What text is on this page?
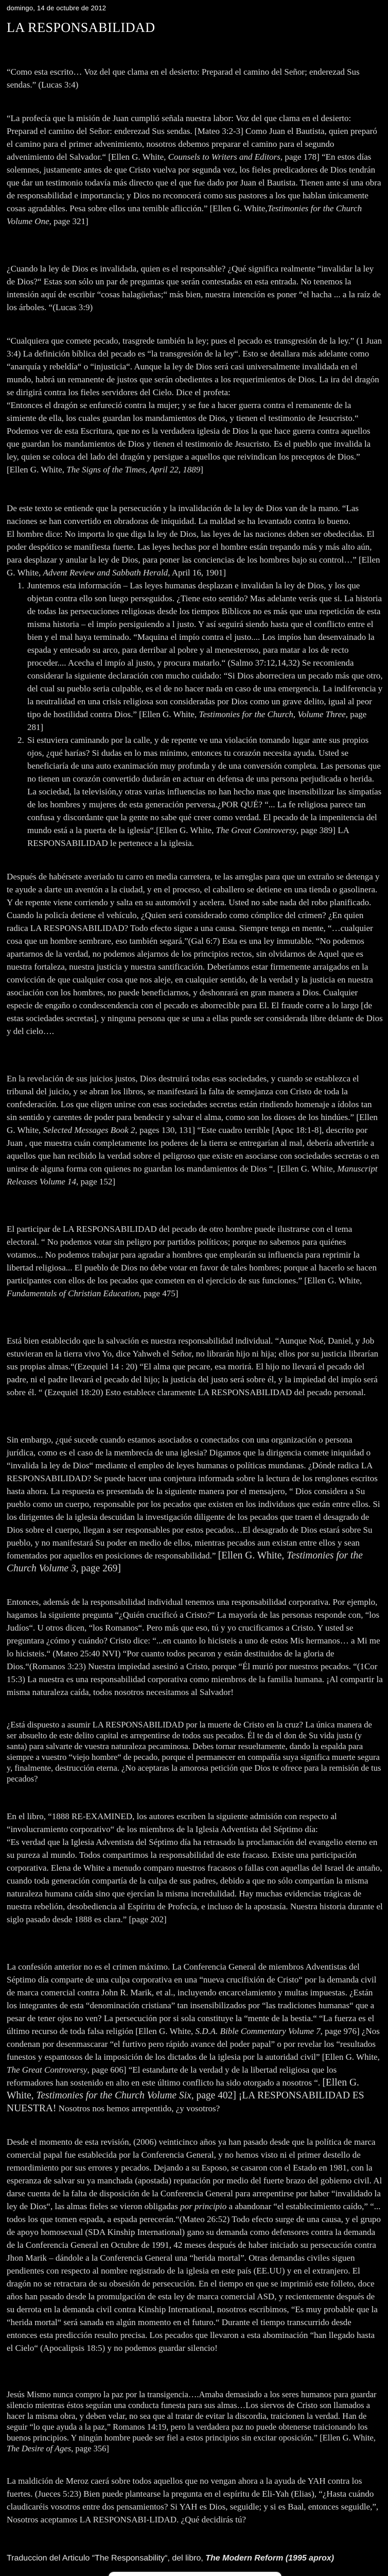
domingo, 14 de octubre de 2012

LA RESPONSABILIDAD

“Como esta escrito… Voz del que clama en el desierto: Preparad el camino del Señor; enderezad Sus sendas.” (Lucas 3:4)

“La profecía que la misión de Juan cumplió señala nuestra labor: Voz del que clama en el desierto: Preparad el camino del Señor: enderezad Sus sendas. [Mateo 3:2-3] Como Juan el Bautista, quien preparó el camino para el primer advenimiento, nosotros debemos preparar el camino para el segundo advenimiento del Salvador.“ [Ellen G. White, Counsels to Writers and Editors, page 178] “En estos días solemnes, justamente antes de que Cristo vuelva por segunda vez, los fieles predicadores de Dios tendrán que dar un testimonio todavía más directo que el que fue dado por Juan el Bautista. Tienen ante sí una obra de responsabilidad e importancia; y Dios no reconocerá como sus pastores a los que hablan únicamente cosas agradables. Pesa sobre ellos una temible aflicción.” [Ellen G. White,Testimonies for the Church Volume One, page 321]

¿Cuando la ley de Dios es invalidada, quien es el responsable? ¿Qué significa realmente “invalidar la ley de Dios?“ Estas son sólo un par de preguntas que serán contestadas en esta entrada. No tenemos la intensión aquí de escribir “cosas halagüeñas;“ más bien, nuestra intención es poner “el hacha ... a la raíz de los árboles. “(Lucas 3:9)

“Cualquiera que comete pecado, trasgrede también la ley; pues el pecado es transgresión de la ley.” (1 Juan 3:4) La definición bíblica del pecado es “la transgresión de la ley“. Esto se detallara más adelante como “anarquía y rebeldía“ o “injusticia“. Aunque la ley de Dios será casi universalmente invalidada en el mundo, habrá un remanente de justos que serán obedientes a los requerimientos de Dios. La ira del dragón se dirigirá contra los fieles servidores del Cielo. Dice el profeta:
“Entonces el dragón se enfureció contra la mujer; y se fue a hacer guerra contra el remanente de la simiente de ella, los cuales guardan los mandamientos de Dios, y tienen el testimonio de Jesucristo.“ Podemos ver de esta Escritura, que no es la verdadera iglesia de Dios la que hace guerra contra aquellos que guardan los mandamientos de Dios y tienen el testimonio de Jesucristo. Es el pueblo que invalida la ley, quien se coloca del lado del dragón y persigue a aquellos que reivindican los preceptos de Dios.” [Ellen G. White, The Signs of the Times, April 22, 1889]

De este texto se entiende que la persecución y la invalidación de la ley de Dios van de la mano. “Las naciones se han convertido en obradoras de iniquidad. La maldad se ha levantado contra lo bueno.
El hombre dice: No importa lo que diga la ley de Dios, las leyes de las naciones deben ser obedecidas. El poder despótico se manifiesta fuerte. Las leyes hechas por el hombre están trepando más y más alto aún, para desplazar y anular la ley de Dios, para poner las conciencias de los hombres bajo su control…” [Ellen G. White, Advent Review and Sabbath Herald, April 16, 1901]

1. Juntemos esta información – Las leyes humanas desplazan e invalidan la ley de Dios, y los que objetan contra ello son luego perseguidos. ¿Tiene esto sentido? Mas adelante verás que si. La historia de todas las persecuciones religiosas desde los tiempos Bíblicos no es más que una repetición de esta misma historia – el impío persiguiendo a l justo. Y así seguirá siendo hasta que el conflicto entre el bien y el mal haya terminado. “Maquina el impío contra el justo.... Los impíos han desenvainado la espada y entesado su arco, para derribar al pobre y al menesteroso, para matar a los de recto proceder.... Acecha el impío al justo, y procura matarlo.“ (Salmo 37:12,14,32) Se recomienda considerar la siguiente declaración con mucho cuidado: “Si Dios aborreciera un pecado más que otro, del cual su pueblo seria culpable, es el de no hacer nada en caso de una emergencia. La indiferencia y la neutralidad en una crisis religiosa son consideradas por Dios como un grave delito, igual al peor tipo de hostilidad contra Dios.” [Ellen G. White, Testimonies for the Church, Volume Three, page 281]
2. Si estuviera caminando por la calle, y de repente ve una violación tomando lugar ante sus propios ojos, ¿qué harías? Si dudas en lo mas mínimo, entonces tu corazón necesita ayuda. Usted se beneficiaría de una auto exanimación muy profunda y de una conversión completa. Las personas que no tienen un corazón convertido dudarán en actuar en defensa de una persona perjudicada o herida. La sociedad, la televisión,y otras varias influencias no han hecho mas que insensibilizar las simpatías de los hombres y mujeres de esta generación perversa.¿POR QUÉ? “... La fe religiosa parece tan confusa y discordante que la gente no sabe qué creer como verdad. El pecado de la impenitencia del mundo está a la puerta de la iglesia“.[Ellen G. White, The Great Controversy, page 389] LA RESPONSABILIDAD le pertenece a la iglesia.

Después de habérsete averiado tu carro en media carretera, te las arreglas para que un extraño se detenga y te ayude a darte un aventón a la ciudad, y en el proceso, el caballero se detiene en una tienda o gasolinera. Y de repente viene corriendo y salta en su automóvil y acelera. Usted no sabe nada del robo planificado. Cuando la policía detiene el vehículo, ¿Quien será considerado como cómplice del crimen? ¿En quien radica LA RESPONSABILIDAD? Todo efecto sigue a una causa. Siempre tenga en mente, “…cualquier cosa que un hombre sembrare, eso también segará.”(Gal 6:7) Esta es una ley inmutable. “No podemos apartarnos de la verdad, no podemos alejarnos de los principios rectos, sin olvidarnos de Aquel que es nuestra fortaleza, nuestra justicia y nuestra santificación. Deberíamos estar firmemente arraigados en la convicción de que cualquier cosa que nos aleje, en cualquier sentido, de la verdad y la justicia en nuestra asociación con los hombres, no puede beneficiarnos, y deshonrará en gran manera a Dios. Cualquier especie de engaño o condescendencia con el pecado es aborrecible para El. El fraude corre a lo largo [de estas sociedades secretas], y ninguna persona que se una a ellas puede ser considerada libre delante de Dios y del cielo….

En la revelación de sus juicios justos, Dios destruirá todas esas sociedades, y cuando se establezca el tribunal del juicio, y se abran los libros, se manifestará la falta de semejanza con Cristo de toda la confederación. Los que eligen unirse con esas sociedades secretas están rindiendo homenaje a ídolos tan sin sentido y carentes de poder para bendecir y salvar el alma, como son los dioses de los hindúes.” [Ellen G. White, Selected Messages Book 2, pages 130, 131] “Este cuadro terrible [Apoc 18:1-8], descrito por Juan , que muestra cuán completamente los poderes de la tierra se entregarían al mal, debería advertirle a aquellos que han recibido la verdad sobre el peligroso que existe en asociarse con sociedades secretas o en unirse de alguna forma con quienes no guardan los mandamientos de Dios “. [Ellen G. White, Manuscript Releases Volume 14, page 152]

El participar de LA RESPONSABILIDAD del pecado de otro hombre puede ilustrarse con el tema electoral. “ No podemos votar sin peligro por partidos políticos; porque no sabemos para quiénes votamos... No podemos trabajar para agradar a hombres que emplearán su influencia para reprimir la libertad religiosa... El pueblo de Dios no debe votar en favor de tales hombres; porque al hacerlo se hacen participantes con ellos de los pecados que cometen en el ejercicio de sus funciones.” [Ellen G. White, Fundamentals of Christian Education, page 475]

Está bien establecido que la salvación es nuestra responsabilidad individual. “Aunque Noé, Daniel, y Job estuvieran en la tierra vivo Yo, dice Yahweh el Señor, no librarán hijo ni hija; ellos por su justicia librarían sus propias almas.“(Ezequiel 14 : 20) “El alma que pecare, esa morirá. El hijo no llevará el pecado del padre, ni el padre llevará el pecado del hijo; la justicia del justo será sobre él, y la impiedad del impío será sobre él. “ (Ezequiel 18:20) Esto establece claramente LA RESPONSABILIDAD del pecado personal.

Sin embargo, ¿qué sucede cuando estamos asociados o conectados con una organización o persona jurídica, como es el caso de la membrecía de una iglesia? Digamos que la dirigencia comete iniquidad o “invalida la ley de Dios“ mediante el empleo de leyes humanas o políticas mundanas. ¿Dónde radica LA RESPONSABILIDAD? Se puede hacer una conjetura informada sobre la lectura de los renglones escritos hasta ahora. La respuesta es presentada de la siguiente manera por el mensajero, “ Dios considera a Su pueblo como un cuerpo, responsable por los pecados que existen en los individuos que están entre ellos. Si los dirigentes de la iglesia descuidan la investigación diligente de los pecados que traen el desagrado de Dios sobre el cuerpo, llegan a ser responsables por estos pecados…El desagrado de Dios estará sobre Su pueblo, y no manifestará Su poder en medio de ellos, mientras pecados aun existan entre ellos y sean fomentados por aquellos en posiciones de responsabilidad.” [Ellen G. White, Testimonies for the Church Volume 3, page 269]

Entonces, además de la responsabilidad individual tenemos una responsabilidad corporativa. Por ejemplo, hagamos la siguiente pregunta “¿Quién crucificó a Cristo?“ La mayoría de las personas responde con, “los Judíos“. U otros dicen, “los Romanos“. Pero más que eso, tú y yo crucificamos a Cristo. Y usted se preguntara ¿cómo y cuándo? Cristo dice: “...en cuanto lo hicisteis a uno de estos Mis hermanos… a Mi me lo hicisteis.“ (Mateo 25:40 NVI) “Por cuanto todos pecaron y están destituidos de la gloria de Dios.“(Romanos 3:23) Nuestra impiedad asesinó a Cristo, porque “Él murió por nuestros pecados. “(1Cor 15:3) La nuestra es una responsabilidad corporativa como miembros de la familia humana. ¡Al compartir la misma naturaleza caída, todos nosotros necesitamos al Salvador!

¿Está dispuesto a asumir LA RESPONSABILIDAD por la muerte de Cristo en la cruz? La única manera de ser absuelto de este delito capital es arrepentirse de todos sus pecados. Él te da el don de Su vida justa (y santa) para salvarte de vuestra naturaleza pecaminosa. Debes tornar resueltamente, dando la espalda para siempre a vuestro “viejo hombre“ de pecado, porque el permanecer en compañía suya significa muerte segura y, finalmente, destrucción eterna. ¿No aceptaras la amorosa petición que Dios te ofrece para la remisión de tus pecados?

En el libro, “1888 RE-EXAMINED, los autores escriben la siguiente admisión con respecto al “involucramiento corporativo“ de los miembros de la Iglesia Adventista del Séptimo día:
“Es verdad que la Iglesia Adventista del Séptimo día ha retrasado la proclamación del evangelio eterno en su pureza al mundo. Todos compartimos la responsabilidad de este fracaso. Existe una participación corporativa. Elena de White a menudo comparo nuestros fracasos o fallas con aquellas del Israel de antaño, cuando toda generación compartía de la culpa de sus padres, debido a que no sólo compartían la misma naturaleza humana caída sino que ejercían la misma incredulidad. Hay muchas evidencias trágicas de nuestra rebelión, desobediencia al Espíritu de Profecía, e incluso de la apostasía. Nuestra historia durante el siglo pasado desde 1888 es clara.” [page 202]

La confesión anterior no es el crimen máximo. La Conferencia General de miembros Adventistas del Séptimo día comparte de una culpa corporativa en una “nueva crucifixión de Cristo“ por la demanda civil de marca comercial contra John R. Marik, et al., incluyendo encarcelamiento y multas impuestas. ¿Están los integrantes de esta “denominación cristiana” tan insensibilizados por “las tradiciones humanas“ que a pesar de tener ojos no ven? La persecución por si sola constituye la “mente de la bestia.“ “La fuerza es el último recurso de toda falsa religión [Ellen G. White, S.D.A. Bible Commentary Volume 7, page 976] ¿Nos condenan por desenmascarar “el furtivo pero rápido avance del poder papal” o por revelar los “resultados funestos y espantosos de la imposición de los dictados de la iglesia por la autoridad civil” [Ellen G. White, The Great Controversy, page 606] “El estandarte de la verdad y de la libertad religiosa que los reformadores han sostenido en alto en este último conflicto ha sido otorgado a nosotros “. [Ellen G. White, Testimonies for the Church Volume Six, page 402] ¡LA RESPONSABILIDAD ES NUESTRA! Nosotros nos hemos arrepentido, ¿y vosotros?

Desde el momento de esta revisión, (2006) veinticinco años ya han pasado desde que la política de marca comercial papal fue establecida por la Conferencia General, y no hemos visto ni el primer destello de remordimiento por sus errores y pecados. Dejando a su Esposo, se casaron con el Estado en 1981, con la esperanza de salvar su ya manchada (apostada) reputación por medio del fuerte brazo del gobierno civil. Al darse cuenta de la falta de disposición de la Conferencia General para arrepentirse por haber “invalidado la ley de Dios“, las almas fieles se vieron obligadas por principio a abandonar “el establecimiento caído,” “... todos los que tomen espada, a espada perecerán.“(Mateo 26:52) Todo efecto surge de una causa, y el grupo de apoyo homosexual (SDA Kinship International) gano su demanda como defensores contra la demanda de la Conferencia General en Octubre de 1991, 42 meses después de haber iniciado su persecución contra Jhon Marik – dándole a la Conferencia General una “herida mortal”. Otras demandas civiles siguen pendientes con respecto al nombre registrado de la iglesia en este país (EE.UU) y en el extranjero. El dragón no se retractara de su obsesión de persecución. En el tiempo en que se imprimió este folleto, doce años han pasado desde la promulgación de esta ley de marca comercial ASD, y recientemente después de su derrota en la demanda civil contra Kinship International, nosotros escribimos, “Es muy probable que la “herida mortal“ será sanada en algún momento en el futuro.“ Durante el tiempo transcurrido desde entonces esta predicción resulto precisa. Los pecados que llevaron a esta abominación “han llegado hasta el Cielo“ (Apocalipsis 18:5) y no podemos guardar silencio!

Jesús Mismo nunca compro la paz por la transigencia….Amaba demasiado a los seres humanos para guardar silencio mientras éstos seguían una conducta funesta para sus almas…Los siervos de Cristo son llamados a hacer la misma obra, y deben velar, no sea que al tratar de evitar la discordia, traicionen la verdad. Han de seguir “lo que ayuda a la paz,” Romanos 14:19, pero la verdadera paz no puede obtenerse traicionando los buenos principios. Y ningún hombre puede ser fiel a estos principios sin excitar oposición.” [Ellen G. White, The Desire of Ages, page 356]

La maldición de Meroz caerá sobre todos aquellos que no vengan ahora a la ayuda de YAH contra los fuertes. (Jueces 5:23) Bien puede plantearse la pregunta en el espíritu de Eli-Yah (Elias), “¿Hasta cuándo claudicaréis vosotros entre dos pensamientos? Si YAH es Dios, seguidle; y si es Baal, entonces seguidle,”, Nosotros aceptamos LA RESPONSABI-LIDAD. ¿Qué decidirás tú?

Traduccion del Articulo “The Responsability“, del libro, The Modern Reform (1995 aprox)
